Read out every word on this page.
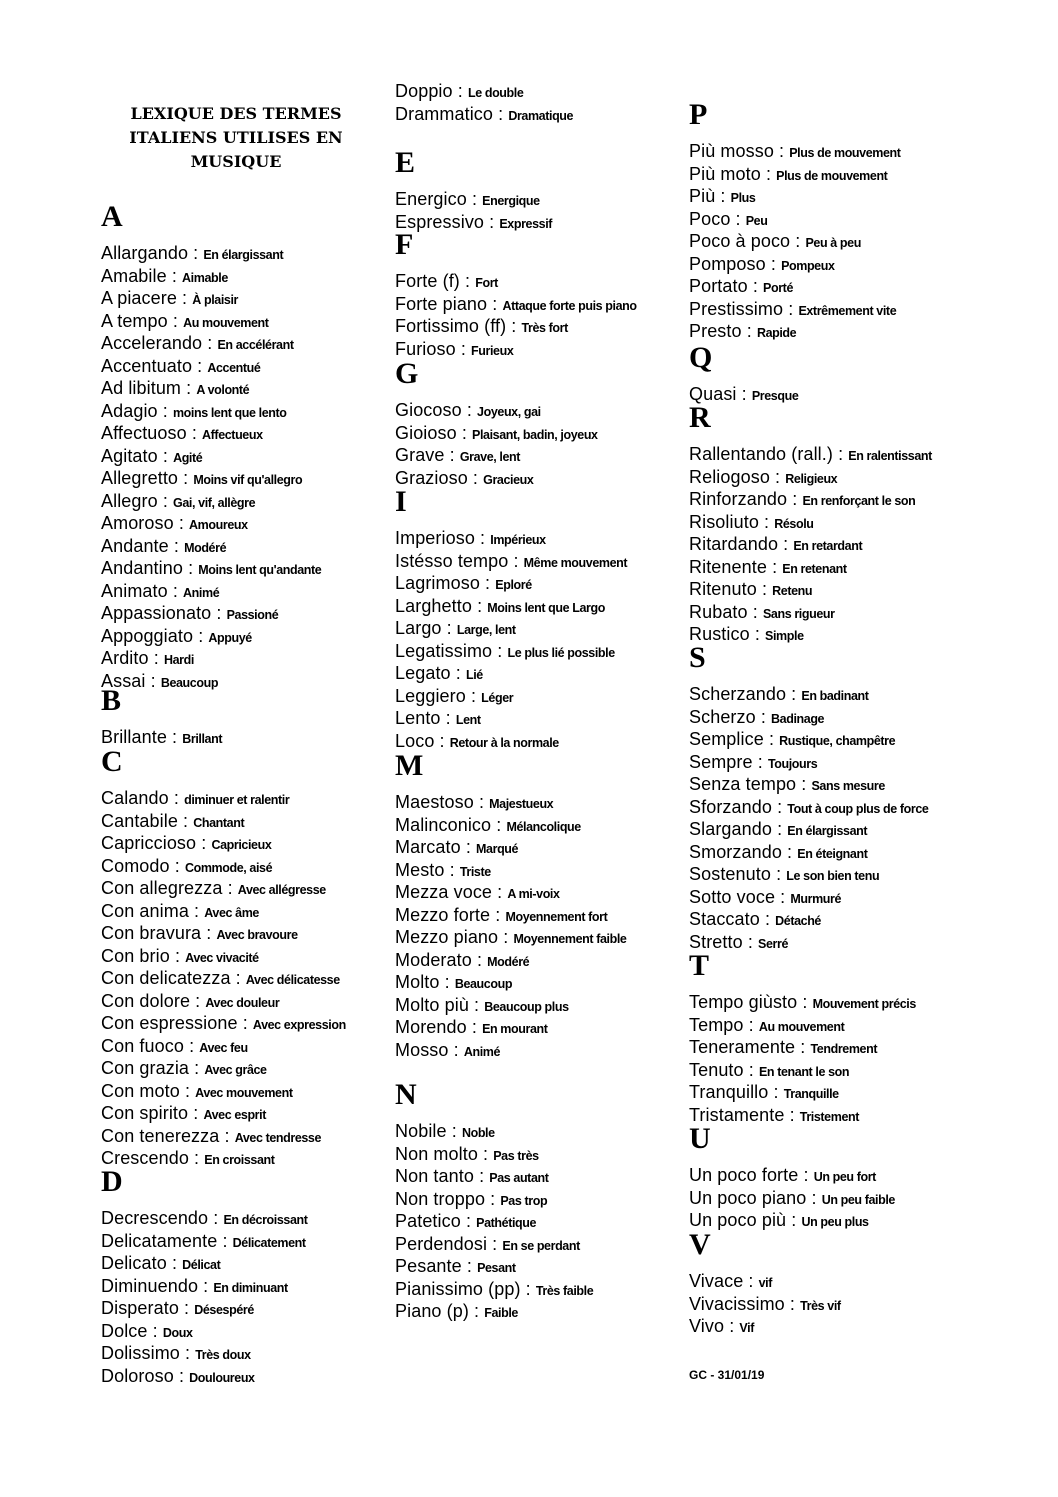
LEXIQUE DES TERMES
ITALIENS UTILISES EN
MUSIQUE
A
Allargando : En élargissant
Amabile : Aimable
A piacere : À plaisir
A tempo : Au mouvement
Accelerando : En accélérant
Accentuato : Accentué
Ad libitum : A volonté
Adagio : moins lent que lento
Affectuoso : Affectueux
Agitato : Agité
Allegretto : Moins vif qu'allegro
Allegro : Gai, vif, allègre
Amoroso : Amoureux
Andante : Modéré
Andantino : Moins lent qu'andante
Animato : Animé
Appassionato : Passioné
Appoggiato : Appuyé
Ardito : Hardi
Assai : Beaucoup
B
Brillante : Brillant
C
Calando : diminuer et ralentir
Cantabile : Chantant
Capriccioso : Capricieux
Comodo : Commode, aisé
Con allegrezza : Avec allégresse
Con anima : Avec âme
Con bravura : Avec bravoure
Con brio : Avec vivacité
Con delicatezza : Avec délicatesse
Con dolore : Avec douleur
Con espressione : Avec expression
Con fuoco : Avec feu
Con grazia : Avec grâce
Con moto : Avec mouvement
Con spirito : Avec esprit
Con tenerezza : Avec tendresse
Crescendo : En croissant
D
Decrescendo : En décroissant
Delicatamente : Délicatement
Delicato : Délicat
Diminuendo : En diminuant
Disperato : Désespéré
Dolce : Doux
Dolissimo : Très doux
Doloroso : Douloureux
Doppio : Le double
Drammatico : Dramatique
E
Energico : Energique
Espressivo : Expressif
F
Forte (f) : Fort
Forte piano : Attaque forte puis piano
Fortissimo (ff) : Très fort
Furioso : Furieux
G
Giocoso : Joyeux, gai
Gioioso : Plaisant, badin, joyeux
Grave : Grave, lent
Grazioso : Gracieux
I
Imperioso : Impérieux
Istésso tempo : Même mouvement
Lagrimoso : Eploré
Larghetto : Moins lent que Largo
Largo : Large, lent
Legatissimo : Le plus lié possible
Legato : Lié
Leggiero : Léger
Lento : Lent
Loco : Retour à la normale
M
Maestoso : Majestueux
Malinconico : Mélancolique
Marcato : Marqué
Mesto : Triste
Mezza voce : A mi-voix
Mezzo forte : Moyennement fort
Mezzo piano : Moyennement faible
Moderato : Modéré
Molto : Beaucoup
Molto più : Beaucoup plus
Morendo : En mourant
Mosso : Animé
N
Nobile : Noble
Non molto : Pas très
Non tanto : Pas autant
Non troppo : Pas trop
Patetico : Pathétique
Perdendosi : En se perdant
Pesante : Pesant
Pianissimo (pp) : Très faible
Piano (p) : Faible
P
Più mosso : Plus de mouvement
Più moto : Plus de mouvement
Più : Plus
Poco : Peu
Poco à poco : Peu à peu
Pomposo : Pompeux
Portato : Porté
Prestissimo : Extrêmement vite
Presto : Rapide
Q
Quasi : Presque
R
Rallentando (rall.) : En ralentissant
Reliogoso : Religieux
Rinforzando : En renforçant le son
Risoliuto : Résolu
Ritardando : En retardant
Ritenente : En retenant
Ritenuto : Retenu
Rubato : Sans rigueur
Rustico : Simple
S
Scherzando : En badinant
Scherzo : Badinage
Semplice : Rustique, champêtre
Sempre : Toujours
Senza tempo : Sans mesure
Sforzando : Tout à coup plus de force
Slargando : En élargissant
Smorzando : En éteignant
Sostenuto : Le son bien tenu
Sotto voce : Murmuré
Staccato : Détaché
Stretto : Serré
T
Tempo giùsto : Mouvement précis
Tempo : Au mouvement
Teneramente : Tendrement
Tenuto : En tenant le son
Tranquillo : Tranquille
Tristamente : Tristement
U
Un poco forte : Un peu fort
Un poco piano : Un peu faible
Un poco più : Un peu plus
V
Vivace : vif
Vivacissimo : Très vif
Vivo : Vif
GC - 31/01/19
